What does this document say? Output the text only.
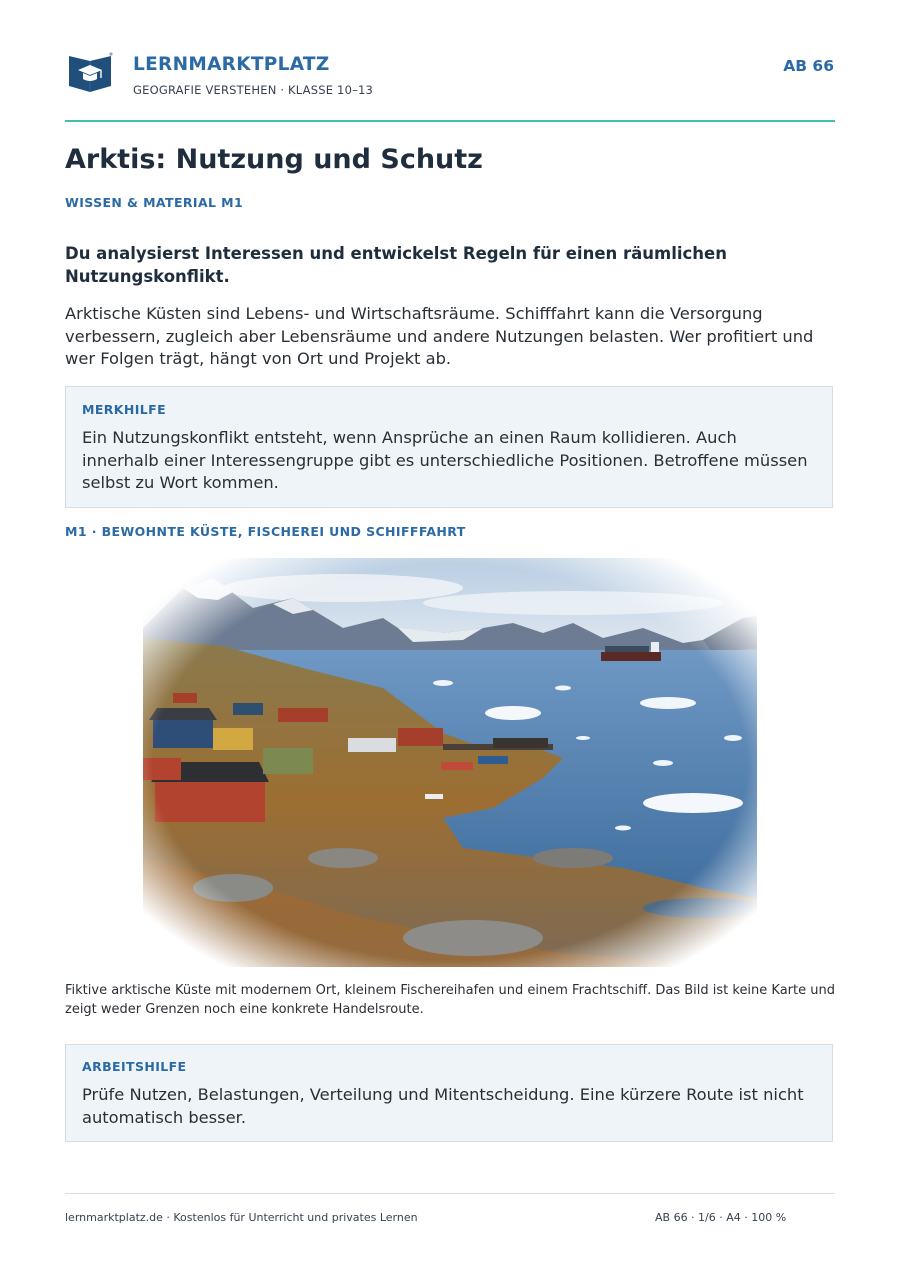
LERNMARKTPLATZ
GEOGRAFIE VERSTEHEN · KLASSE 10–13
AB 66
Arktis: Nutzung und Schutz
WISSEN & MATERIAL M1
Du analysierst Interessen und entwickelst Regeln für einen räumlichen Nutzungskonflikt.
Arktische Küsten sind Lebens- und Wirtschaftsräume. Schifffahrt kann die Versorgung verbessern, zugleich aber Lebensräume und andere Nutzungen belasten. Wer profitiert und wer Folgen trägt, hängt von Ort und Projekt ab.
MERKHILFE
Ein Nutzungskonflikt entsteht, wenn Ansprüche an einen Raum kollidieren. Auch innerhalb einer Interessengruppe gibt es unterschiedliche Positionen. Betroffene müssen selbst zu Wort kommen.
M1 · BEWOHNTE KÜSTE, FISCHEREI UND SCHIFFFAHRT
Fiktive arktische Küste mit modernem Ort, kleinem Fischereihafen und einem Frachtschiff. Das Bild ist keine Karte und zeigt weder Grenzen noch eine konkrete Handelsroute.
ARBEITSHILFE
Prüfe Nutzen, Belastungen, Verteilung und Mitentscheidung. Eine kürzere Route ist nicht automatisch besser.
lernmarktplatz.de · Kostenlos für Unterricht und privates Lernen	AB 66 · 1/6 · A4 · 100 %
